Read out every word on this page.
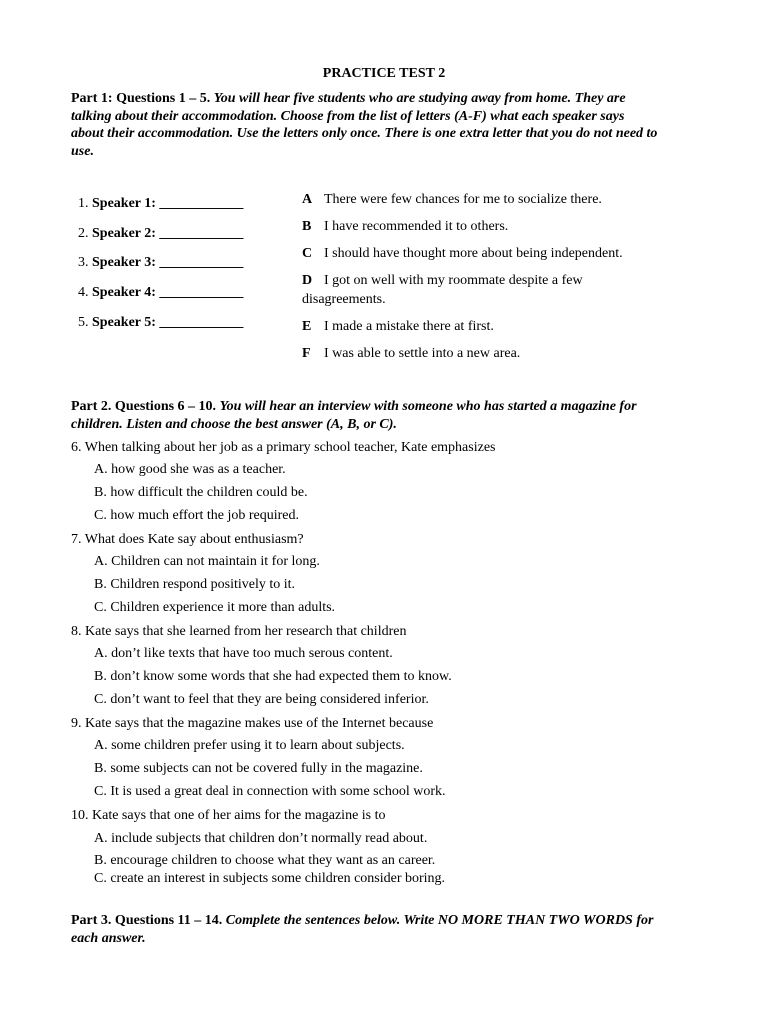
PRACTICE TEST 2
Part 1: Questions 1 – 5. You will hear five students who are studying away from home. They are
talking about their accommodation. Choose from the list of letters (A-F) what each speaker says
about their accommodation. Use the letters only once. There is one extra letter that you do not need to
use.
1. Speaker 1: ____________
2. Speaker 2: ____________
3. Speaker 3: ____________
4. Speaker 4: ____________
5. Speaker 5: ____________
A There were few chances for me to socialize there.
B I have recommended it to others.
C I should have thought more about being independent.
D I got on well with my roommate despite a few
disagreements.
E I made a mistake there at first.
F I was able to settle into a new area.
Part 2. Questions 6 – 10. You will hear an interview with someone who has started a magazine for
children. Listen and choose the best answer (A, B, or C).
6. When talking about her job as a primary school teacher, Kate emphasizes
A. how good she was as a teacher.
B. how difficult the children could be.
C. how much effort the job required.
7. What does Kate say about enthusiasm?
A. Children can not maintain it for long.
B. Children respond positively to it.
C. Children experience it more than adults.
8. Kate says that she learned from her research that children
A. don’t like texts that have too much serous content.
B. don’t know some words that she had expected them to know.
C. don’t want to feel that they are being considered inferior.
9. Kate says that the magazine makes use of the Internet because
A. some children prefer using it to learn about subjects.
B. some subjects can not be covered fully in the magazine.
C. It is used a great deal in connection with some school work.
10. Kate says that one of her aims for the magazine is to
A. include subjects that children don’t normally read about.
B. encourage children to choose what they want as an career.
C. create an interest in subjects some children consider boring.
Part 3. Questions 11 – 14. Complete the sentences below. Write NO MORE THAN TWO WORDS for
each answer.
